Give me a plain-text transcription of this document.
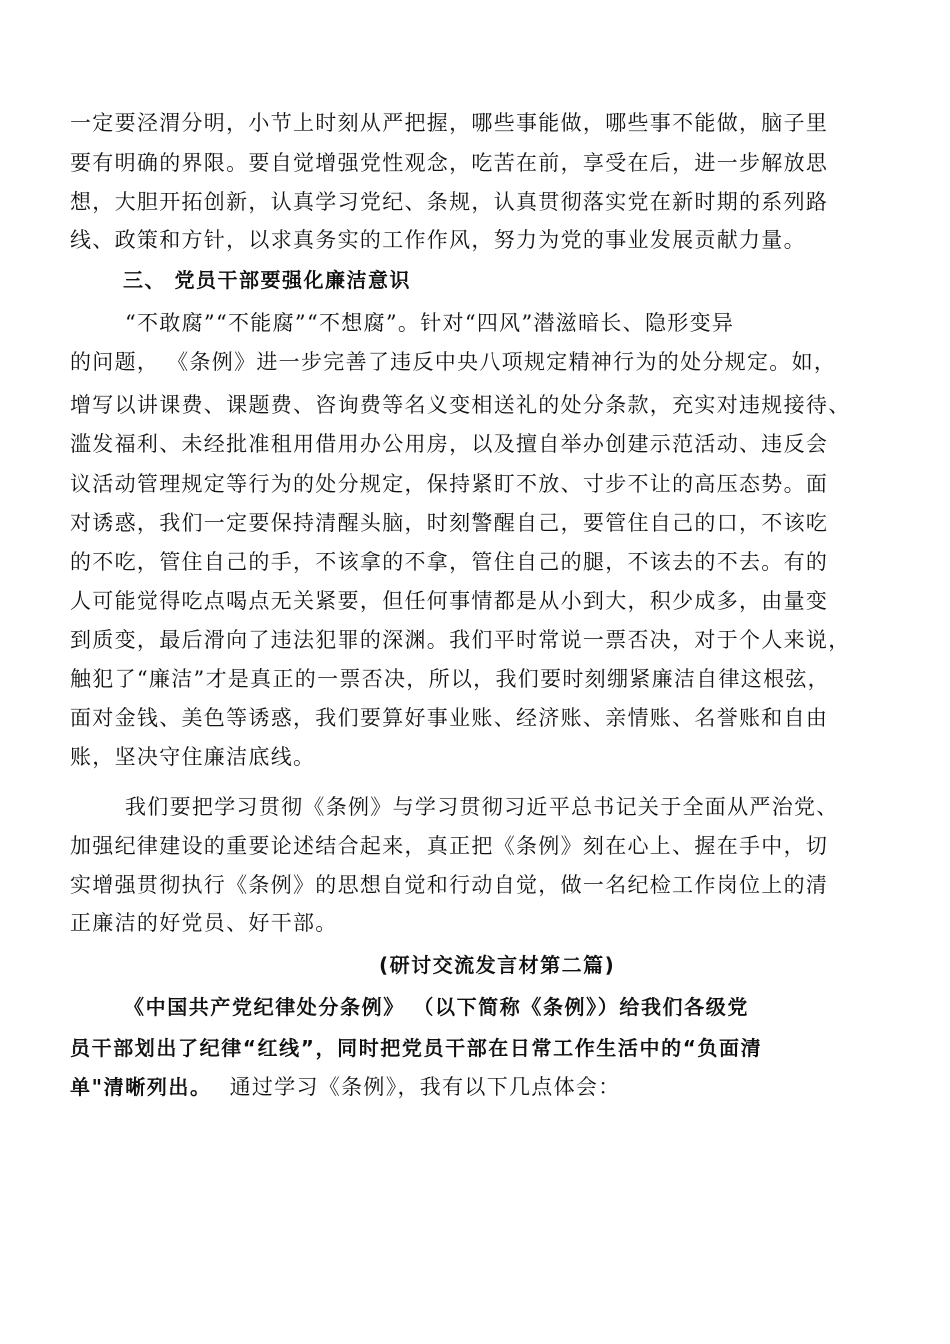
一定要泾渭分明，小节上时刻从严把握，哪些事能做，哪些事不能做，脑子里
要有明确的界限。要自觉增强党性观念，吃苦在前，享受在后，进一步解放思
想，大胆开拓创新，认真学习党纪、条规，认真贯彻落实党在新时期的系列路
线、政策和方针，以求真务实的工作作风，努力为党的事业发展贡献力量。
三、 党员干部要强化廉洁意识
“不敢腐”“不能腐”“不想腐”。针对“四风”潜滋暗长、隐形变异
的问题， 《条例》进一步完善了违反中央八项规定精神行为的处分规定。如，
增写以讲课费、课题费、咨询费等名义变相送礼的处分条款，充实对违规接待、
滥发福利、未经批准租用借用办公用房，以及擅自举办创建示范活动、违反会
议活动管理规定等行为的处分规定，保持紧盯不放、寸步不让的高压态势。面
对诱惑，我们一定要保持清醒头脑，时刻警醒自己，要管住自己的口，不该吃
的不吃，管住自己的手，不该拿的不拿，管住自己的腿，不该去的不去。有的
人可能觉得吃点喝点无关紧要，但任何事情都是从小到大，积少成多，由量变
到质变，最后滑向了违法犯罪的深渊。我们平时常说一票否决，对于个人来说，
触犯了“廉洁”才是真正的一票否决，所以，我们要时刻绷紧廉洁自律这根弦，
面对金钱、美色等诱惑，我们要算好事业账、经济账、亲情账、名誉账和自由
账，坚决守住廉洁底线。
我们要把学习贯彻《条例》与学习贯彻习近平总书记关于全面从严治党、
加强纪律建设的重要论述结合起来，真正把《条例》刻在心上、握在手中，切
实增强贯彻执行《条例》的思想自觉和行动自觉，做一名纪检工作岗位上的清
正廉洁的好党员、好干部。
(研讨交流发言材第二篇)
《中国共产党纪律处分条例》 （以下简称《条例》）给我们各级党
员干部划出了纪律“红线”，同时把党员干部在日常工作生活中的“负面清
单"清晰列出。 通过学习《条例》，我有以下几点体会：
